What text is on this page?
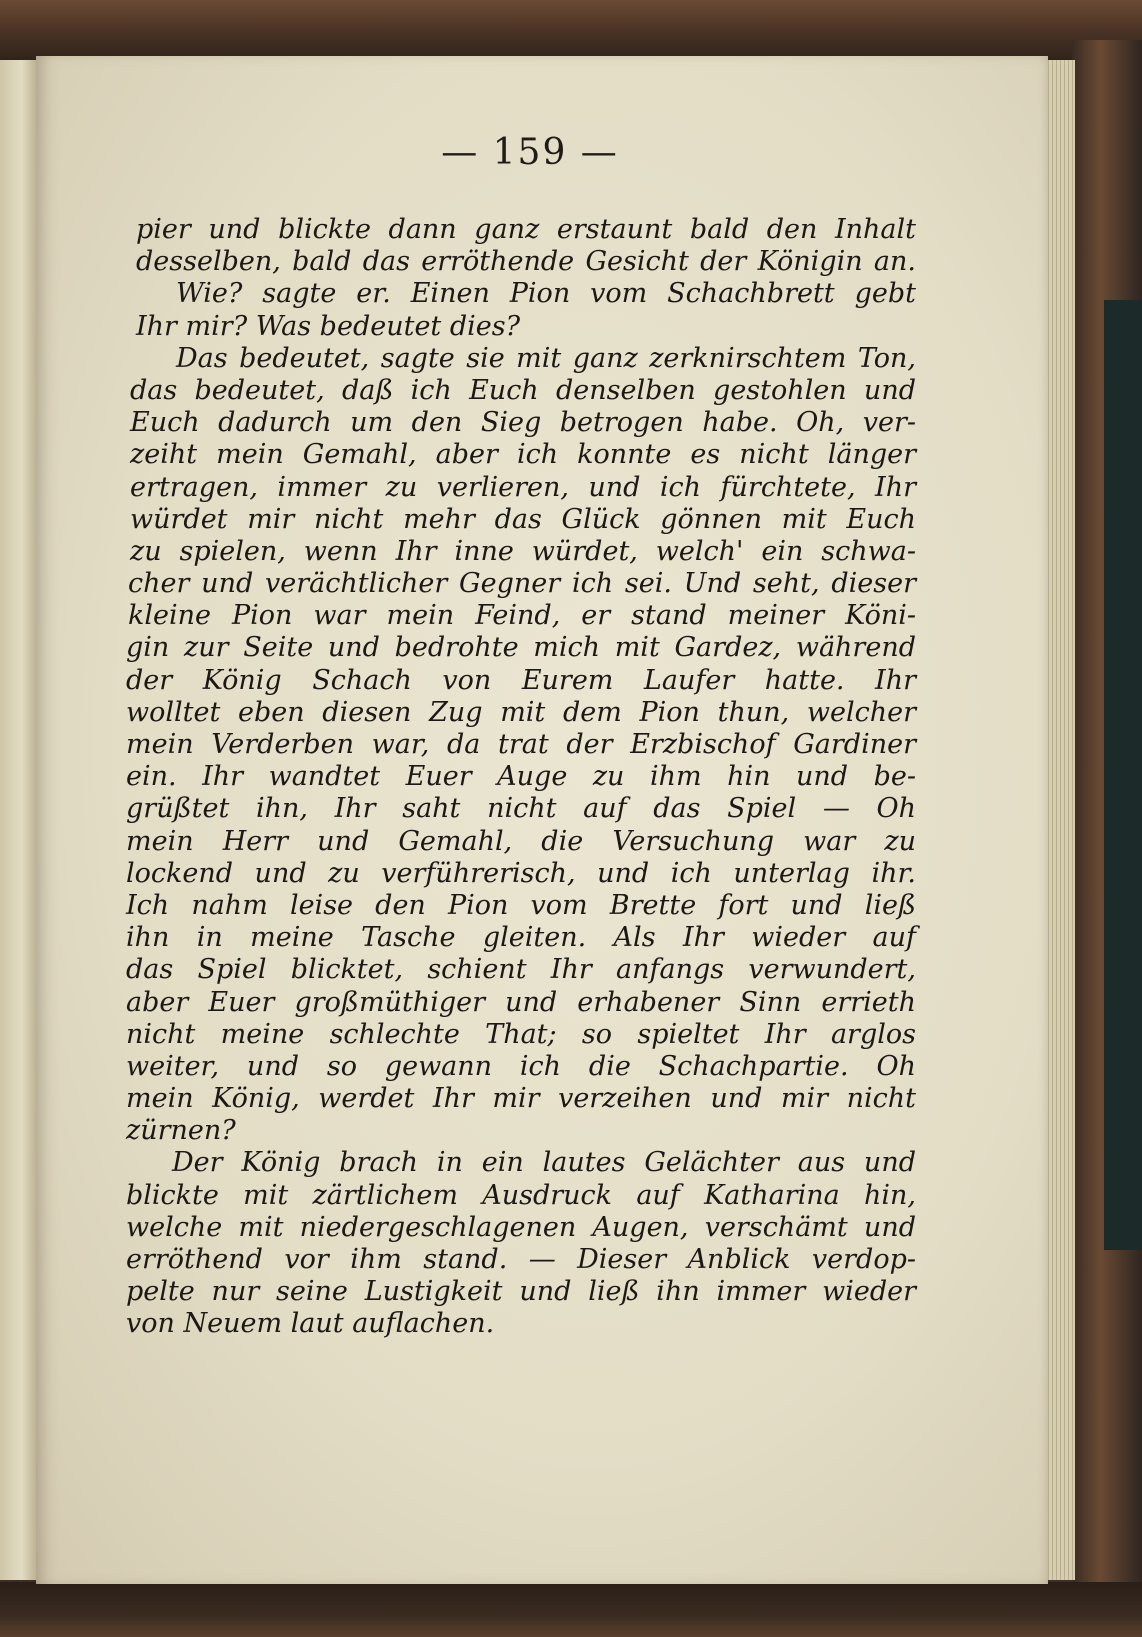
— 159 —
pier und blickte dann ganz erstaunt bald den Inhalt
desselben, bald das erröthende Gesicht der Königin an.
Wie? sagte er. Einen Pion vom Schachbrett gebt
Ihr mir? Was bedeutet dies?
Das bedeutet, sagte sie mit ganz zerknirschtem Ton,
das bedeutet, daß ich Euch denselben gestohlen und
Euch dadurch um den Sieg betrogen habe. Oh, ver-
zeiht mein Gemahl, aber ich konnte es nicht länger
ertragen, immer zu verlieren, und ich fürchtete, Ihr
würdet mir nicht mehr das Glück gönnen mit Euch
zu spielen, wenn Ihr inne würdet, welch' ein schwa-
cher und verächtlicher Gegner ich sei. Und seht, dieser
kleine Pion war mein Feind, er stand meiner Köni-
gin zur Seite und bedrohte mich mit Gardez, während
der König Schach von Eurem Laufer hatte. Ihr
wolltet eben diesen Zug mit dem Pion thun, welcher
mein Verderben war, da trat der Erzbischof Gardiner
ein. Ihr wandtet Euer Auge zu ihm hin und be-
grüßtet ihn, Ihr saht nicht auf das Spiel — Oh
mein Herr und Gemahl, die Versuchung war zu
lockend und zu verführerisch, und ich unterlag ihr.
Ich nahm leise den Pion vom Brette fort und ließ
ihn in meine Tasche gleiten. Als Ihr wieder auf
das Spiel blicktet, schient Ihr anfangs verwundert,
aber Euer großmüthiger und erhabener Sinn errieth
nicht meine schlechte That; so spieltet Ihr arglos
weiter, und so gewann ich die Schachpartie. Oh
mein König, werdet Ihr mir verzeihen und mir nicht
zürnen?
Der König brach in ein lautes Gelächter aus und
blickte mit zärtlichem Ausdruck auf Katharina hin,
welche mit niedergeschlagenen Augen, verschämt und
erröthend vor ihm stand. — Dieser Anblick verdop-
pelte nur seine Lustigkeit und ließ ihn immer wieder
von Neuem laut auflachen.
